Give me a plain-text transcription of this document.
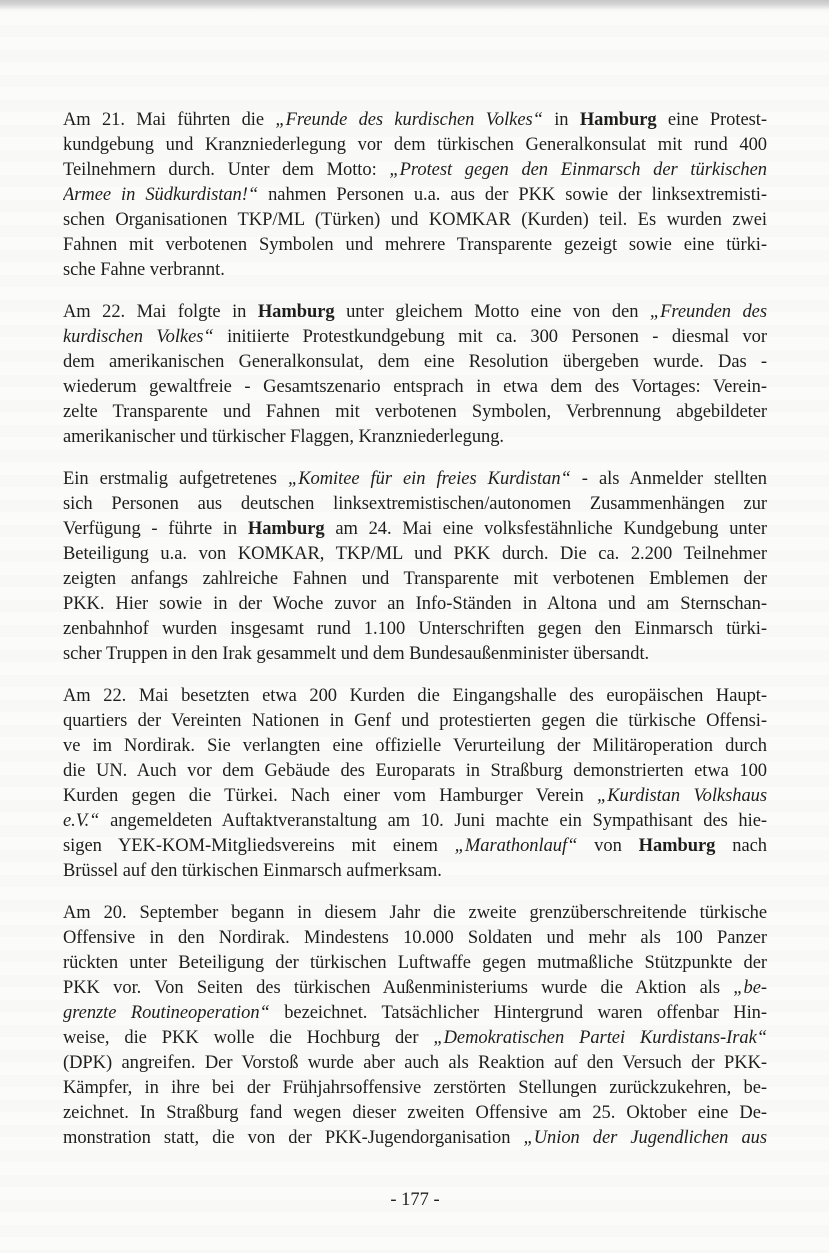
Am 21. Mai führten die „Freunde des kurdischen Volkes“ in Hamburg eine Protest-
kundgebung und Kranzniederlegung vor dem türkischen Generalkonsulat mit rund 400
Teilnehmern durch. Unter dem Motto: „Protest gegen den Einmarsch der türkischen
Armee in Südkurdistan!“ nahmen Personen u.a. aus der PKK sowie der linksextremisti-
schen Organisationen TKP/ML (Türken) und KOMKAR (Kurden) teil. Es wurden zwei
Fahnen mit verbotenen Symbolen und mehrere Transparente gezeigt sowie eine türki-
sche Fahne verbrannt.
Am 22. Mai folgte in Hamburg unter gleichem Motto eine von den „Freunden des
kurdischen Volkes“ initiierte Protestkundgebung mit ca. 300 Personen - diesmal vor
dem amerikanischen Generalkonsulat, dem eine Resolution übergeben wurde. Das -
wiederum gewaltfreie - Gesamtszenario entsprach in etwa dem des Vortages: Verein-
zelte Transparente und Fahnen mit verbotenen Symbolen, Verbrennung abgebildeter
amerikanischer und türkischer Flaggen, Kranzniederlegung.
Ein erstmalig aufgetretenes „Komitee für ein freies Kurdistan“ - als Anmelder stellten
sich Personen aus deutschen linksextremistischen/autonomen Zusammenhängen zur
Verfügung - führte in Hamburg am 24. Mai eine volksfestähnliche Kundgebung unter
Beteiligung u.a. von KOMKAR, TKP/ML und PKK durch. Die ca. 2.200 Teilnehmer
zeigten anfangs zahlreiche Fahnen und Transparente mit verbotenen Emblemen der
PKK. Hier sowie in der Woche zuvor an Info-Ständen in Altona und am Sternschan-
zenbahnhof wurden insgesamt rund 1.100 Unterschriften gegen den Einmarsch türki-
scher Truppen in den Irak gesammelt und dem Bundesaußenminister übersandt.
Am 22. Mai besetzten etwa 200 Kurden die Eingangshalle des europäischen Haupt-
quartiers der Vereinten Nationen in Genf und protestierten gegen die türkische Offensi-
ve im Nordirak. Sie verlangten eine offizielle Verurteilung der Militäroperation durch
die UN. Auch vor dem Gebäude des Europarats in Straßburg demonstrierten etwa 100
Kurden gegen die Türkei. Nach einer vom Hamburger Verein „Kurdistan Volkshaus
e.V.“ angemeldeten Auftaktveranstaltung am 10. Juni machte ein Sympathisant des hie-
sigen YEK-KOM-Mitgliedsvereins mit einem „Marathonlauf“ von Hamburg nach
Brüssel auf den türkischen Einmarsch aufmerksam.
Am 20. September begann in diesem Jahr die zweite grenzüberschreitende türkische
Offensive in den Nordirak. Mindestens 10.000 Soldaten und mehr als 100 Panzer
rückten unter Beteiligung der türkischen Luftwaffe gegen mutmaßliche Stützpunkte der
PKK vor. Von Seiten des türkischen Außenministeriums wurde die Aktion als „be-
grenzte Routineoperation“ bezeichnet. Tatsächlicher Hintergrund waren offenbar Hin-
weise, die PKK wolle die Hochburg der „Demokratischen Partei Kurdistans-Irak“
(DPK) angreifen. Der Vorstoß wurde aber auch als Reaktion auf den Versuch der PKK-
Kämpfer, in ihre bei der Frühjahrsoffensive zerstörten Stellungen zurückzukehren, be-
zeichnet. In Straßburg fand wegen dieser zweiten Offensive am 25. Oktober eine De-
monstration statt, die von der PKK-Jugendorganisation „Union der Jugendlichen aus
- 177 -
